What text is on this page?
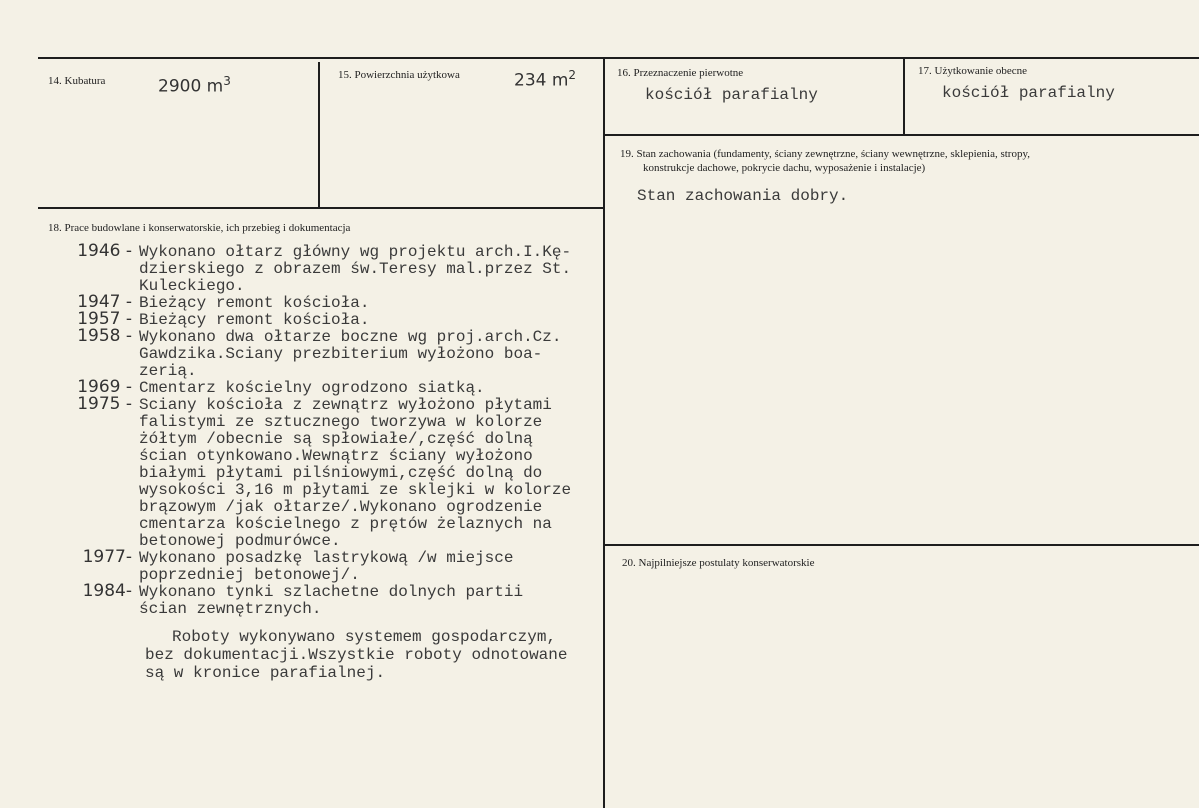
14. Kubatura	2900 $m^3$	15. Powierzchnia użytkowa	234 $m^2$	16. Przeznaczenie pierwotne
kościół parafialny
17. Użytkowanie obecne
kościół parafialny
19. Stan zachowania (fundamenty, ściany zewnętrzne, ściany wewnętrzne, sklepienia, stropy,
konstrukcje dachowe, pokrycie dachu, wyposażenie i instalacje)
Stan zachowania dobry.
20. Najpilniejsze postulaty konserwatorskie
18. Prace budowlane i konserwatorskie, ich przebieg i dokumentacja
1946 - Wykonano ołtarz główny wg projektu arch.I.Kę-
dzierskiego z obrazem św.Teresy mal.przez St.
Kuleckiego.
1947 - Bieżący remont kościoła.
1957 - Bieżący remont kościoła.
1958 - Wykonano dwa ołtarze boczne wg proj.arch.Cz.
Gawdzika.Sciany prezbiterium wyłożono boa-
zerią.
1969 - Cmentarz kościelny ogrodzono siatką.
1975 - Sciany kościoła z zewnątrz wyłożono płytami
falistymi ze sztucznego tworzywa w kolorze
żółtym /obecnie są spłowiałe/,część dolną
ścian otynkowano.Wewnątrz ściany wyłożono
białymi płytami pilśniowymi,część dolną do
wysokości 3,16 m płytami ze sklejki w kolorze
brązowym /jak ołtarze/.Wykonano ogrodzenie
cmentarza kościelnego z prętów żelaznych na
betonowej podmurówce.
1977- Wykonano posadzkę lastrykową /w miejsce
poprzedniej betonowej/.
1984- Wykonano tynki szlachetne dolnych partii
ścian zewnętrznych.
Roboty wykonywano systemem gospodarczym,
bez dokumentacji.Wszystkie roboty odnotowane
są w kronice parafialnej.
